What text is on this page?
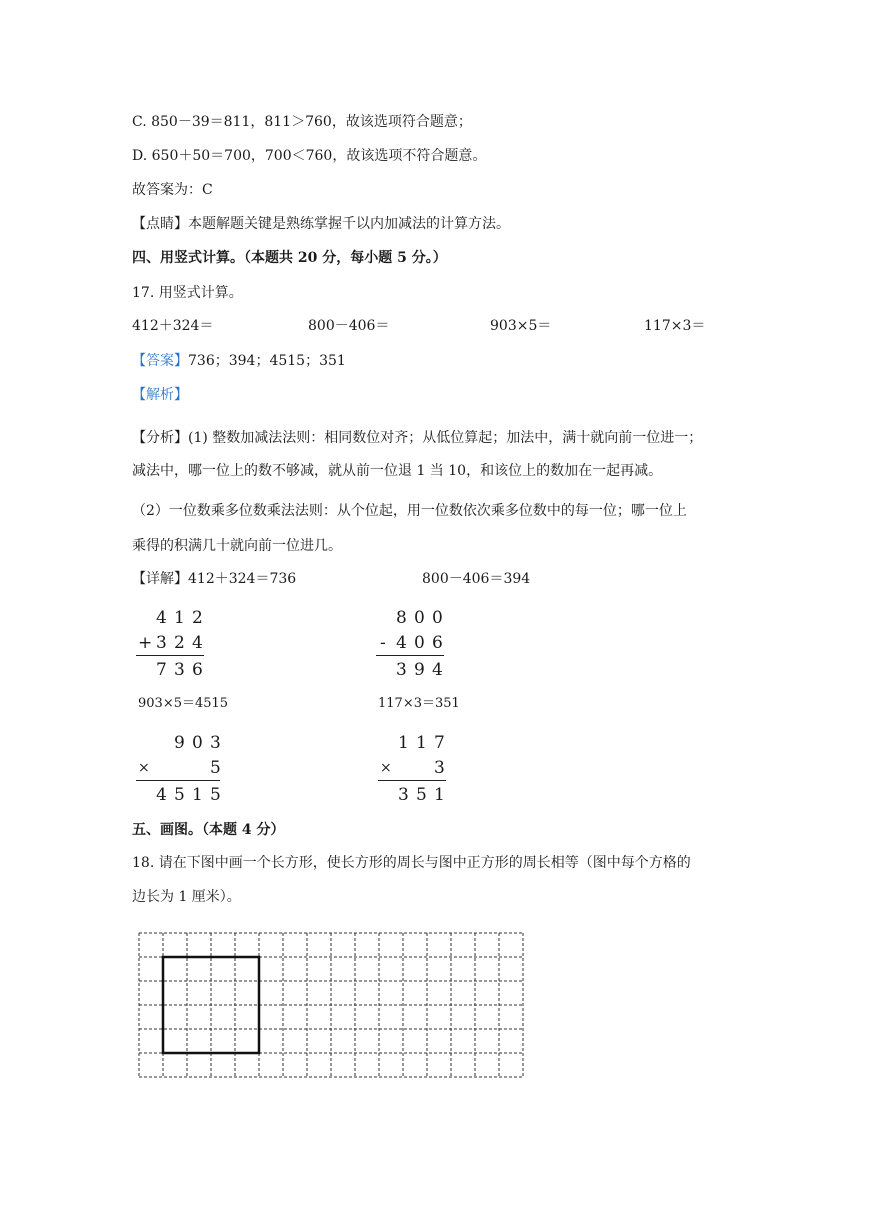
C. 850－39＝811，811＞760，故该选项符合题意；
D. 650＋50＝700，700＜760，故该选项不符合题意。
故答案为：C
【点睛】本题解题关键是熟练掌握千以内加减法的计算方法。
四、用竖式计算。（本题共 20 分，每小题 5 分。）
17. 用竖式计算。
412＋324＝	800－406＝	903×5＝	117×3＝
【答案】736；394；4515；351
【解析】
【分析】(1) 整数加减法法则：相同数位对齐；从低位算起；加法中，满十就向前一位进一；
减法中，哪一位上的数不够减，就从前一位退 1 当 10，和该位上的数加在一起再减。
（2）一位数乘多位数乘法法则：从个位起，用一位数依次乘多位数中的每一位；哪一位上
乘得的积满几十就向前一位进几。
【详解】412＋324＝736	800－406＝394
4 1 2
+ 3 2 4
7 3 6
8 0 0
- 4 0 6
3 9 4
903×5＝4515	117×3＝351
9 0 3
×	5
4 5 1 5
1 1 7
× 3
3 5 1
五、画图。（本题 4 分）
18. 请在下图中画一个长方形，使长方形的周长与图中正方形的周长相等（图中每个方格的
边长为 1 厘米）。
